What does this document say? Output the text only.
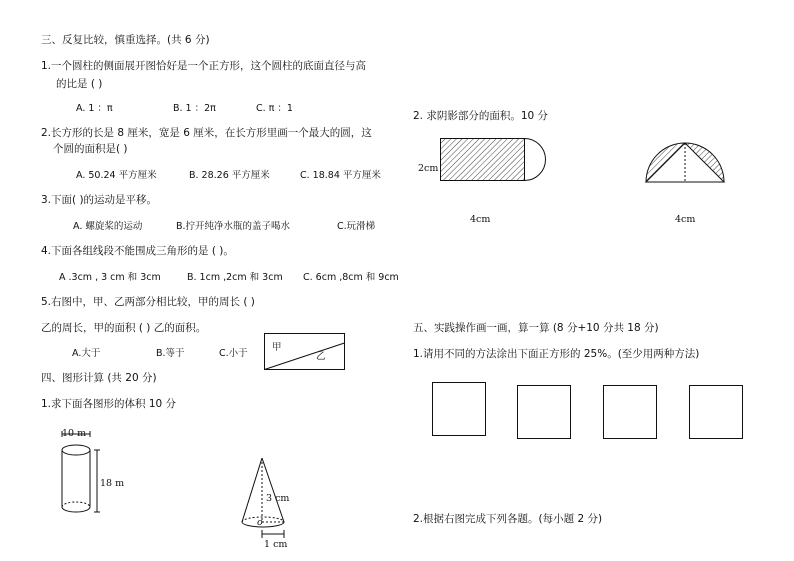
三、反复比较，慎重选择。(共 6 分)
1.一个圆柱的侧面展开图恰好是一个正方形，这个圆柱的底面直径与高
的比是 ( )
A. 1 ：π	B. 1 ：2π	C. π ：1
2.长方形的长是 8 厘米，宽是 6 厘米，在长方形里画一个最大的圆，这
个圆的面积是( )
A. 50.24 平方厘米	B. 28.26 平方厘米	C. 18.84 平方厘米
3.下面( )的运动是平移。
A. 螺旋桨的运动	B.拧开纯净水瓶的盖子喝水	C.玩滑梯
4.下面各组线段不能围成三角形的是 ( )。
A .3cm , 3 cm 和 3cm	B. 1cm ,2cm 和 3cm C. 6cm ,8cm 和 9cm
5.右图中，甲、乙两部分相比较，甲的周长 ( )
乙的周长，甲的面积 ( ) 乙的面积。
A.大于	B.等于	C.小于
甲
乙
四、图形计算 (共 20 分)
1.求下面各图形的体积 10 分
10 m
18 m
3 cm
o
1 cm
2. 求阴影部分的面积。10 分
2cm
4cm	4cm
五、实践操作画一画，算一算 (8 分+10 分共 18 分)
1.请用不同的方法涂出下面正方形的 25%。(至少用两种方法)
2.根据右图完成下列各题。(每小题 2 分)
